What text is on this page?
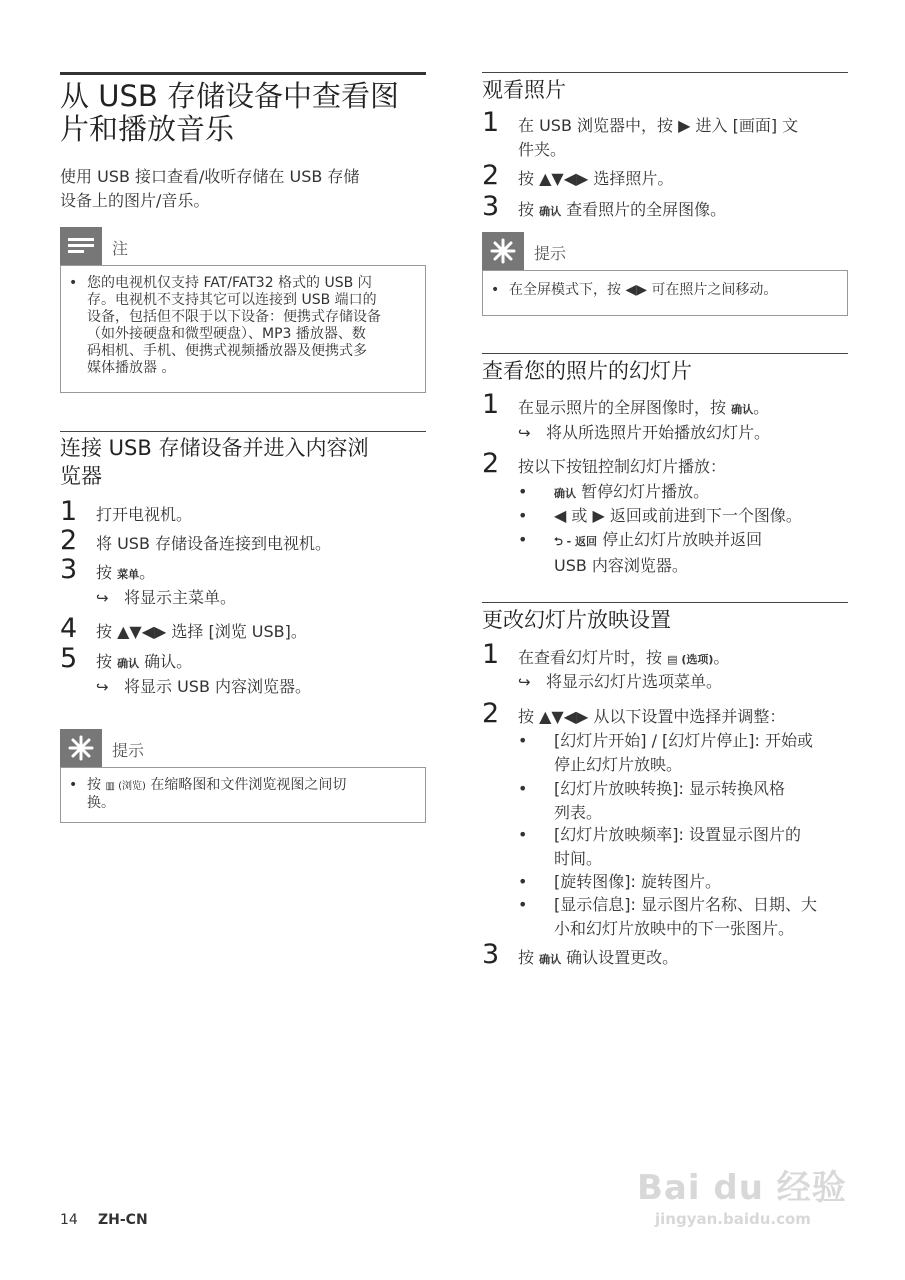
从 USB 存储设备中查看图
片和播放音乐
使用 USB 接口查看/收听存储在 USB 存储
设备上的图片/音乐。
注
• 您的电视机仅支持 FAT/FAT32 格式的 USB 闪
存。电视机不支持其它可以连接到 USB 端口的
设备，包括但不限于以下设备：便携式存储设备
（如外接硬盘和微型硬盘）、MP3 播放器、数
码相机、手机、便携式视频播放器及便携式多
媒体播放器 。
连接 USB 存储设备并进入内容浏
览器
1	打开电视机。
2	将 USB 存储设备连接到电视机。
3	按 菜单。
↪ 将显示主菜单。
4	按 ▲▼◀▶ 选择 [浏览 USB]。
5	按 确认 确认。
↪ 将显示 USB 内容浏览器。
提示
• 按 ▥ (浏览) 在缩略图和文件浏览视图之间切
换。
观看照片
1	在 USB 浏览器中，按 ▶ 进入 [画面] 文
件夹。
2	按 ▲▼◀▶ 选择照片。
3	按 确认 查看照片的全屏图像。
提示
• 在全屏模式下，按 ◀▶ 可在照片之间移动。
查看您的照片的幻灯片
1	在显示照片的全屏图像时，按 确认。
↪ 将从所选照片开始播放幻灯片。
2	按以下按钮控制幻灯片播放：
• 确认 暂停幻灯片播放。
• ◀ 或 ▶ 返回或前进到下一个图像。
• ⮌ - 返回 停止幻灯片放映并返回
USB 内容浏览器。
更改幻灯片放映设置
1	在查看幻灯片时，按 ▤ (选项)。
↪ 将显示幻灯片选项菜单。
2	按 ▲▼◀▶ 从以下设置中选择并调整：
• [幻灯片开始] / [幻灯片停止]: 开始或
停止幻灯片放映。
• [幻灯片放映转换]: 显示转换风格
列表。
• [幻灯片放映频率]: 设置显示图片的
时间。
• [旋转图像]: 旋转图片。
• [显示信息]: 显示图片名称、日期、大
小和幻灯片放映中的下一张图片。
3	按 确认 确认设置更改。
14 ZH-CN
Bai du 经验
jingyan.baidu.com
